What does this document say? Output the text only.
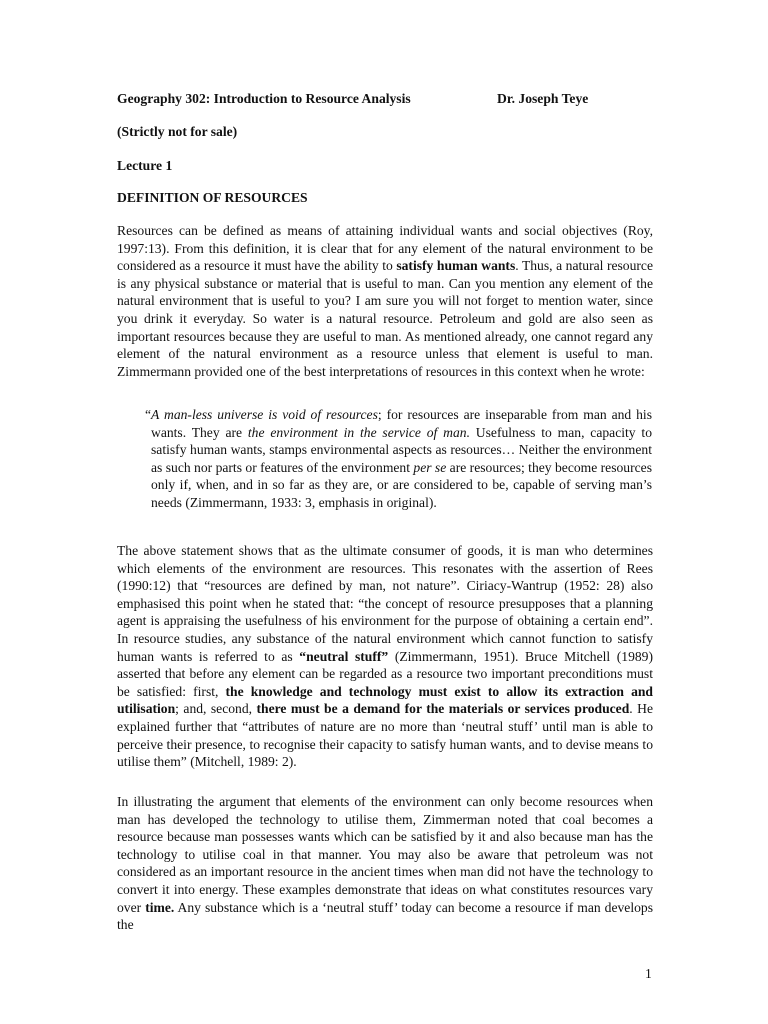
Geography 302: Introduction to Resource Analysis	Dr. Joseph Teye
(Strictly not for sale)
Lecture 1
DEFINITION OF RESOURCES
Resources can be defined as means of attaining individual wants and social objectives (Roy, 1997:13). From this definition, it is clear that for any element of the natural environment to be considered as a resource it must have the ability to satisfy human wants. Thus, a natural resource is any physical substance or material that is useful to man. Can you mention any element of the natural environment that is useful to you? I am sure you will not forget to mention water, since you drink it everyday. So water is a natural resource. Petroleum and gold are also seen as important resources because they are useful to man. As mentioned already, one cannot regard any element of the natural environment as a resource unless that element is useful to man. Zimmermann provided one of the best interpretations of resources in this context when he wrote:
“A man-less universe is void of resources; for resources are inseparable from man and his wants. They are the environment in the service of man. Usefulness to man, capacity to satisfy human wants, stamps environmental aspects as resources… Neither the environment as such nor parts or features of the environment per se are resources; they become resources only if, when, and in so far as they are, or are considered to be, capable of serving man’s needs (Zimmermann, 1933: 3, emphasis in original).
The above statement shows that as the ultimate consumer of goods, it is man who determines which elements of the environment are resources. This resonates with the assertion of Rees (1990:12) that “resources are defined by man, not nature”. Ciriacy-Wantrup (1952: 28) also emphasised this point when he stated that: “the concept of resource presupposes that a planning agent is appraising the usefulness of his environment for the purpose of obtaining a certain end”. In resource studies, any substance of the natural environment which cannot function to satisfy human wants is referred to as “neutral stuff” (Zimmermann, 1951). Bruce Mitchell (1989) asserted that before any element can be regarded as a resource two important preconditions must be satisfied: first, the knowledge and technology must exist to allow its extraction and utilisation; and, second, there must be a demand for the materials or services produced. He explained further that “attributes of nature are no more than ‘neutral stuff’ until man is able to perceive their presence, to recognise their capacity to satisfy human wants, and to devise means to utilise them” (Mitchell, 1989: 2).
In illustrating the argument that elements of the environment can only become resources when man has developed the technology to utilise them, Zimmerman noted that coal becomes a resource because man possesses wants which can be satisfied by it and also because man has the technology to utilise coal in that manner. You may also be aware that petroleum was not considered as an important resource in the ancient times when man did not have the technology to convert it into energy. These examples demonstrate that ideas on what constitutes resources vary over time. Any substance which is a ‘neutral stuff’ today can become a resource if man develops the
1
